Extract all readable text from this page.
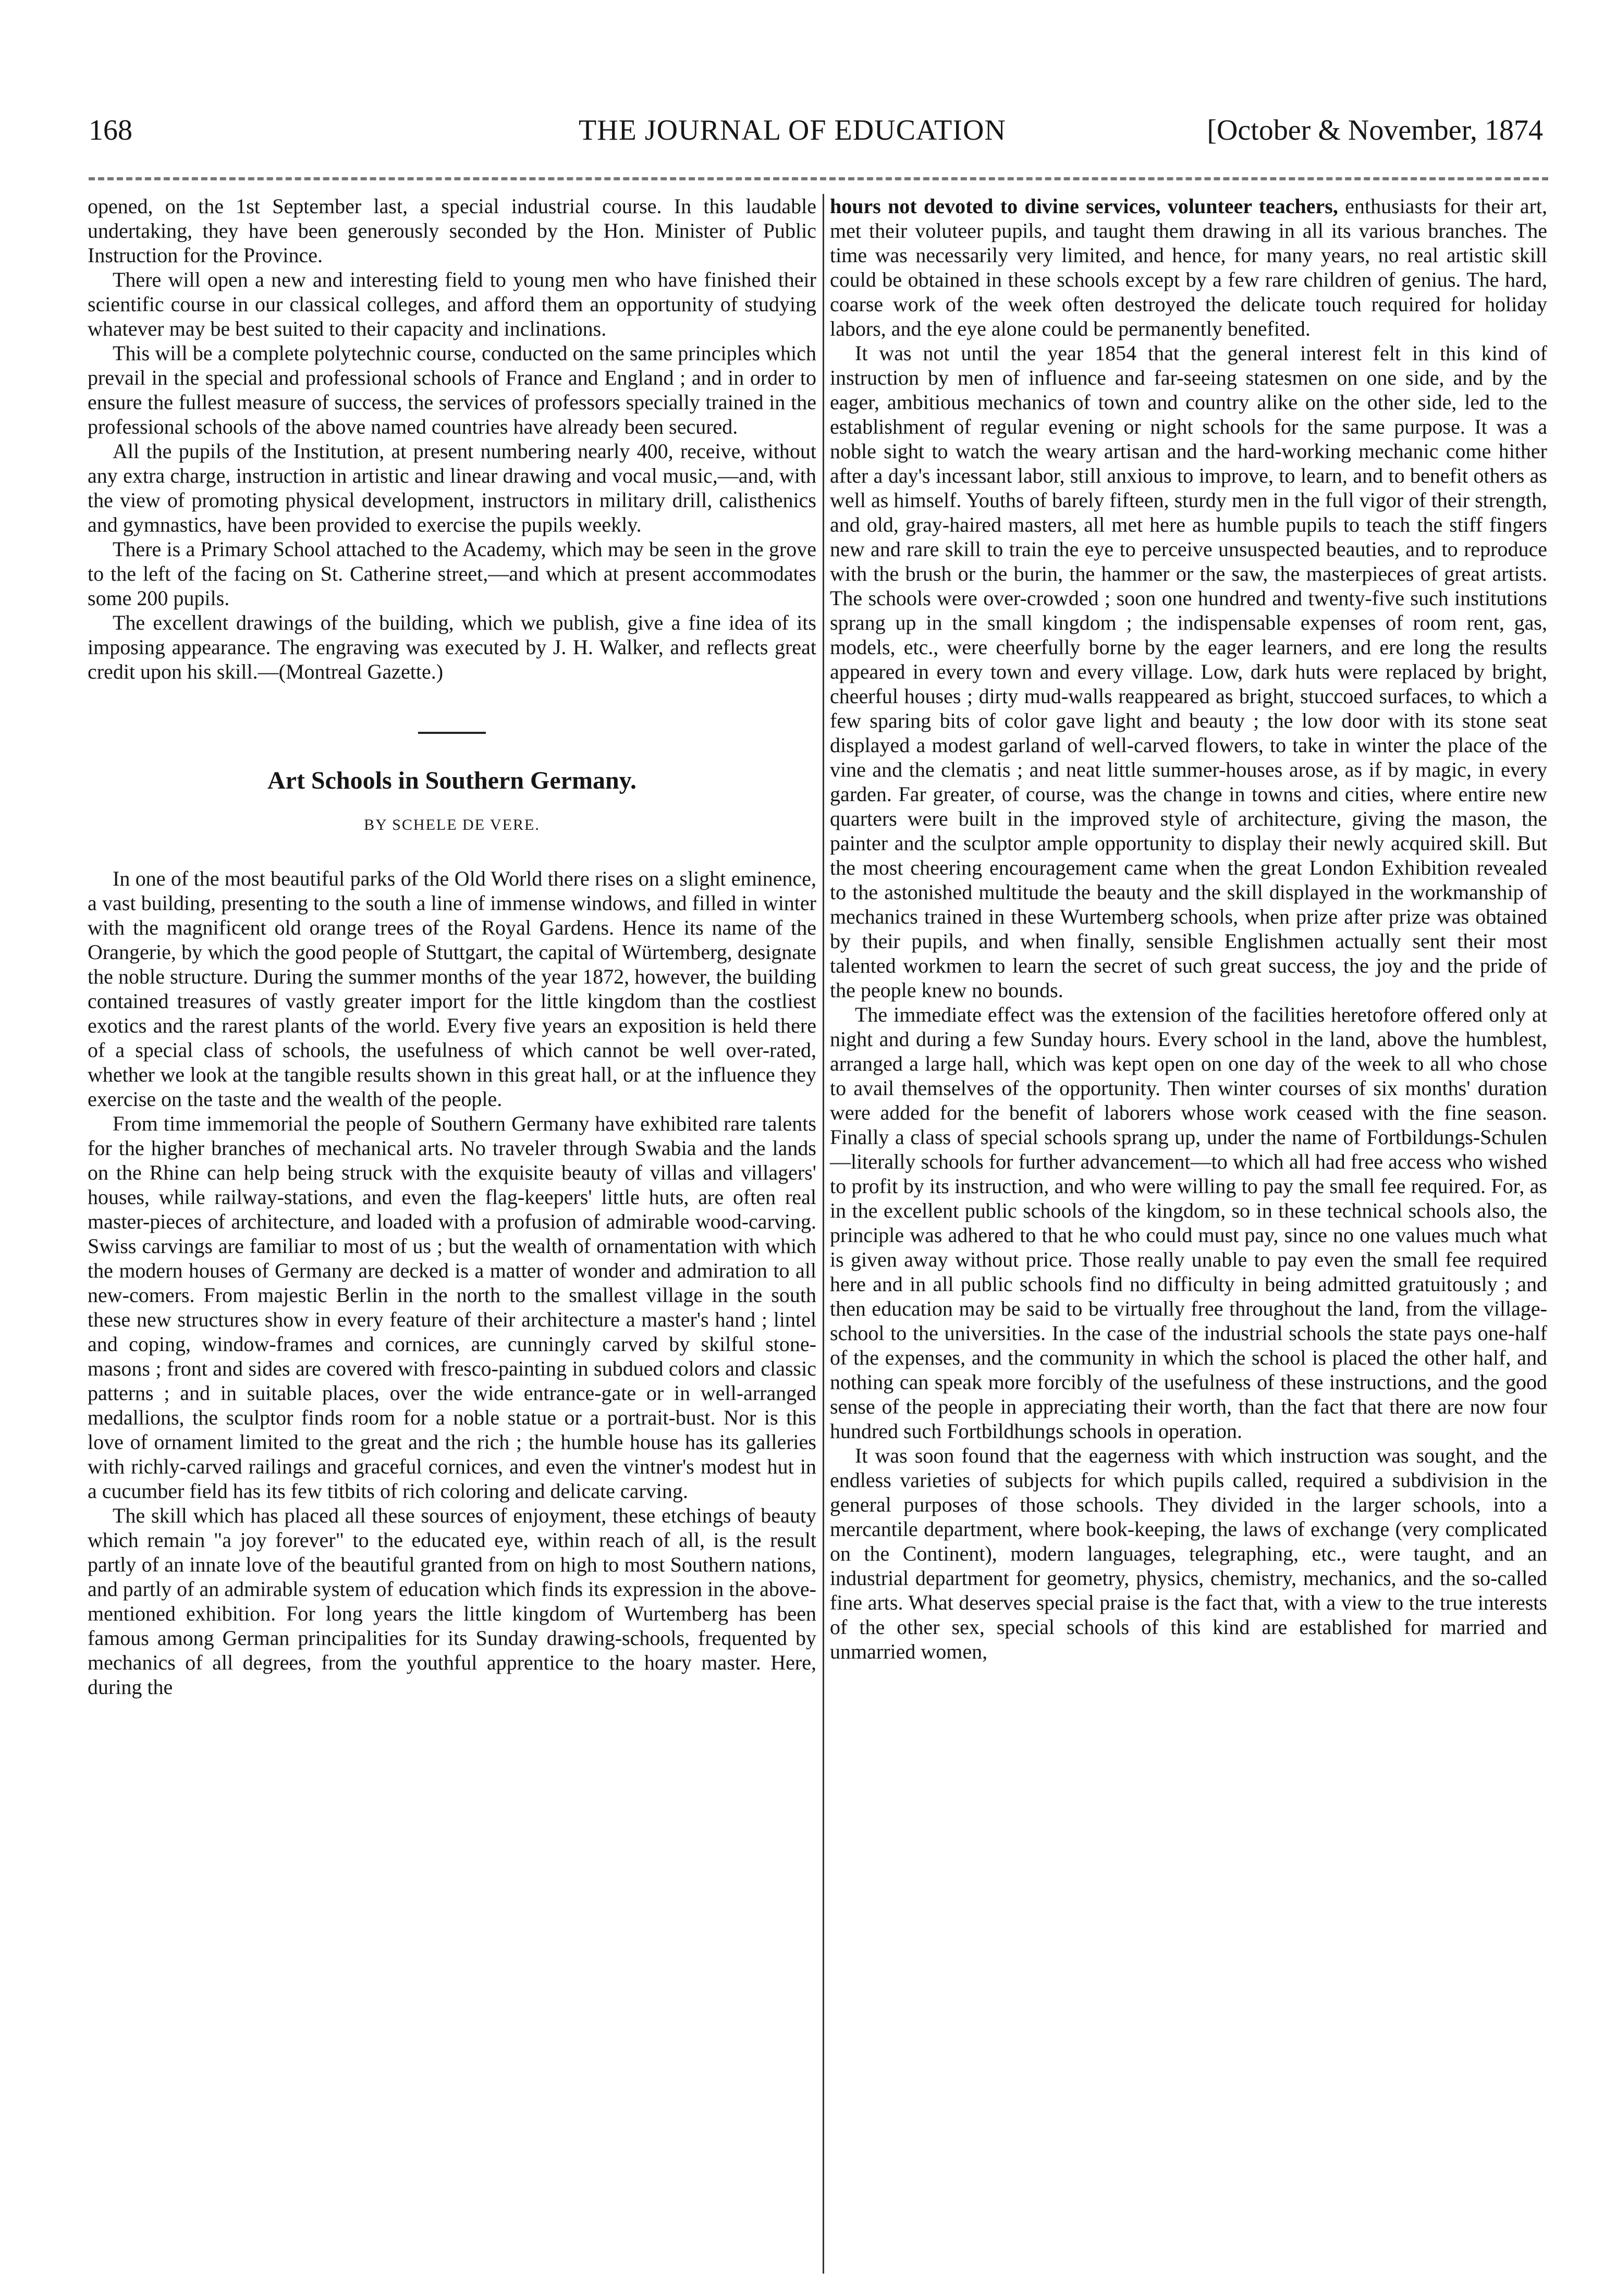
168	THE JOURNAL OF EDUCATION	[October & November, 1874

opened, on the 1st September last, a special industrial course. In this laudable undertaking, they have been generously seconded by the Hon. Minister of Public Instruction for the Province.

There will open a new and interesting field to young men who have finished their scientific course in our classical colleges, and afford them an opportunity of studying whatever may be best suited to their capacity and inclinations.

This will be a complete polytechnic course, conducted on the same principles which prevail in the special and professional schools of France and England ; and in order to ensure the fullest measure of success, the services of professors specially trained in the professional schools of the above named countries have already been secured.

All the pupils of the Institution, at present numbering nearly 400, receive, without any extra charge, instruction in artistic and linear drawing and vocal music,—and, with the view of promoting physical development, instructors in military drill, calisthenics and gymnastics, have been provided to exercise the pupils weekly.

There is a Primary School attached to the Academy, which may be seen in the grove to the left of the facing on St. Catherine street,—and which at present accommodates some 200 pupils.

The excellent drawings of the building, which we publish, give a fine idea of its imposing appearance. The engraving was executed by J. H. Walker, and reflects great credit upon his skill.—(Montreal Gazette.)

Art Schools in Southern Germany.
BY SCHELE DE VERE.

In one of the most beautiful parks of the Old World there rises on a slight eminence, a vast building, presenting to the south a line of immense windows, and filled in winter with the magnificent old orange trees of the Royal Gardens. Hence its name of the Orangerie, by which the good people of Stuttgart, the capital of Würtemberg, designate the noble structure. During the summer months of the year 1872, however, the building contained treasures of vastly greater import for the little kingdom than the costliest exotics and the rarest plants of the world. Every five years an exposition is held there of a special class of schools, the usefulness of which cannot be well over-rated, whether we look at the tangible results shown in this great hall, or at the influence they exercise on the taste and the wealth of the people.

From time immemorial the people of Southern Germany have exhibited rare talents for the higher branches of mechanical arts. No traveler through Swabia and the lands on the Rhine can help being struck with the exquisite beauty of villas and villagers' houses, while railway-stations, and even the flag-keepers' little huts, are often real master-pieces of architecture, and loaded with a profusion of admirable wood-carving. Swiss carvings are familiar to most of us ; but the wealth of ornamentation with which the modern houses of Germany are decked is a matter of wonder and admiration to all new-comers. From majestic Berlin in the north to the smallest village in the south these new structures show in every feature of their architecture a master's hand ; lintel and coping, window-frames and cornices, are cunningly carved by skilful stone-masons ; front and sides are covered with fresco-painting in subdued colors and classic patterns ; and in suitable places, over the wide entrance-gate or in well-arranged medallions, the sculptor finds room for a noble statue or a portrait-bust. Nor is this love of ornament limited to the great and the rich ; the humble house has its galleries with richly-carved railings and graceful cornices, and even the vintner's modest hut in a cucumber field has its few titbits of rich coloring and delicate carving.

The skill which has placed all these sources of enjoyment, these etchings of beauty which remain "a joy forever" to the educated eye, within reach of all, is the result partly of an innate love of the beautiful granted from on high to most Southern nations, and partly of an admirable system of education which finds its expression in the above-mentioned exhibition. For long years the little kingdom of Wurtemberg has been famous among German principalities for its Sunday drawing-schools, frequented by mechanics of all degrees, from the youthful apprentice to the hoary master. Here, during the

hours not devoted to divine services, volunteer teachers, enthusiasts for their art, met their voluteer pupils, and taught them drawing in all its various branches. The time was necessarily very limited, and hence, for many years, no real artistic skill could be obtained in these schools except by a few rare children of genius. The hard, coarse work of the week often destroyed the delicate touch required for holiday labors, and the eye alone could be permanently benefited.

It was not until the year 1854 that the general interest felt in this kind of instruction by men of influence and far-seeing statesmen on one side, and by the eager, ambitious mechanics of town and country alike on the other side, led to the establishment of regular evening or night schools for the same purpose. It was a noble sight to watch the weary artisan and the hard-working mechanic come hither after a day's incessant labor, still anxious to improve, to learn, and to benefit others as well as himself. Youths of barely fifteen, sturdy men in the full vigor of their strength, and old, gray-haired masters, all met here as humble pupils to teach the stiff fingers new and rare skill to train the eye to perceive unsuspected beauties, and to reproduce with the brush or the burin, the hammer or the saw, the masterpieces of great artists. The schools were over-crowded ; soon one hundred and twenty-five such institutions sprang up in the small kingdom ; the indispensable expenses of room rent, gas, models, etc., were cheerfully borne by the eager learners, and ere long the results appeared in every town and every village. Low, dark huts were replaced by bright, cheerful houses ; dirty mud-walls reappeared as bright, stuccoed surfaces, to which a few sparing bits of color gave light and beauty ; the low door with its stone seat displayed a modest garland of well-carved flowers, to take in winter the place of the vine and the clematis ; and neat little summer-houses arose, as if by magic, in every garden. Far greater, of course, was the change in towns and cities, where entire new quarters were built in the improved style of architecture, giving the mason, the painter and the sculptor ample opportunity to display their newly acquired skill. But the most cheering encouragement came when the great London Exhibition revealed to the astonished multitude the beauty and the skill displayed in the workmanship of mechanics trained in these Wurtemberg schools, when prize after prize was obtained by their pupils, and when finally, sensible Englishmen actually sent their most talented workmen to learn the secret of such great success, the joy and the pride of the people knew no bounds.

The immediate effect was the extension of the facilities heretofore offered only at night and during a few Sunday hours. Every school in the land, above the humblest, arranged a large hall, which was kept open on one day of the week to all who chose to avail themselves of the opportunity. Then winter courses of six months' duration were added for the benefit of laborers whose work ceased with the fine season. Finally a class of special schools sprang up, under the name of Fortbildungs-Schulen—literally schools for further advancement—to which all had free access who wished to profit by its instruction, and who were willing to pay the small fee required. For, as in the excellent public schools of the kingdom, so in these technical schools also, the principle was adhered to that he who could must pay, since no one values much what is given away without price. Those really unable to pay even the small fee required here and in all public schools find no difficulty in being admitted gratuitously ; and then education may be said to be virtually free throughout the land, from the village-school to the universities. In the case of the industrial schools the state pays one-half of the expenses, and the community in which the school is placed the other half, and nothing can speak more forcibly of the usefulness of these instructions, and the good sense of the people in appreciating their worth, than the fact that there are now four hundred such Fortbildhungs schools in operation.

It was soon found that the eagerness with which instruction was sought, and the endless varieties of subjects for which pupils called, required a subdivision in the general purposes of those schools. They divided in the larger schools, into a mercantile department, where book-keeping, the laws of exchange (very complicated on the Continent), modern languages, telegraphing, etc., were taught, and an industrial department for geometry, physics, chemistry, mechanics, and the so-called fine arts. What deserves special praise is the fact that, with a view to the true interests of the other sex, special schools of this kind are established for married and unmarried women,
